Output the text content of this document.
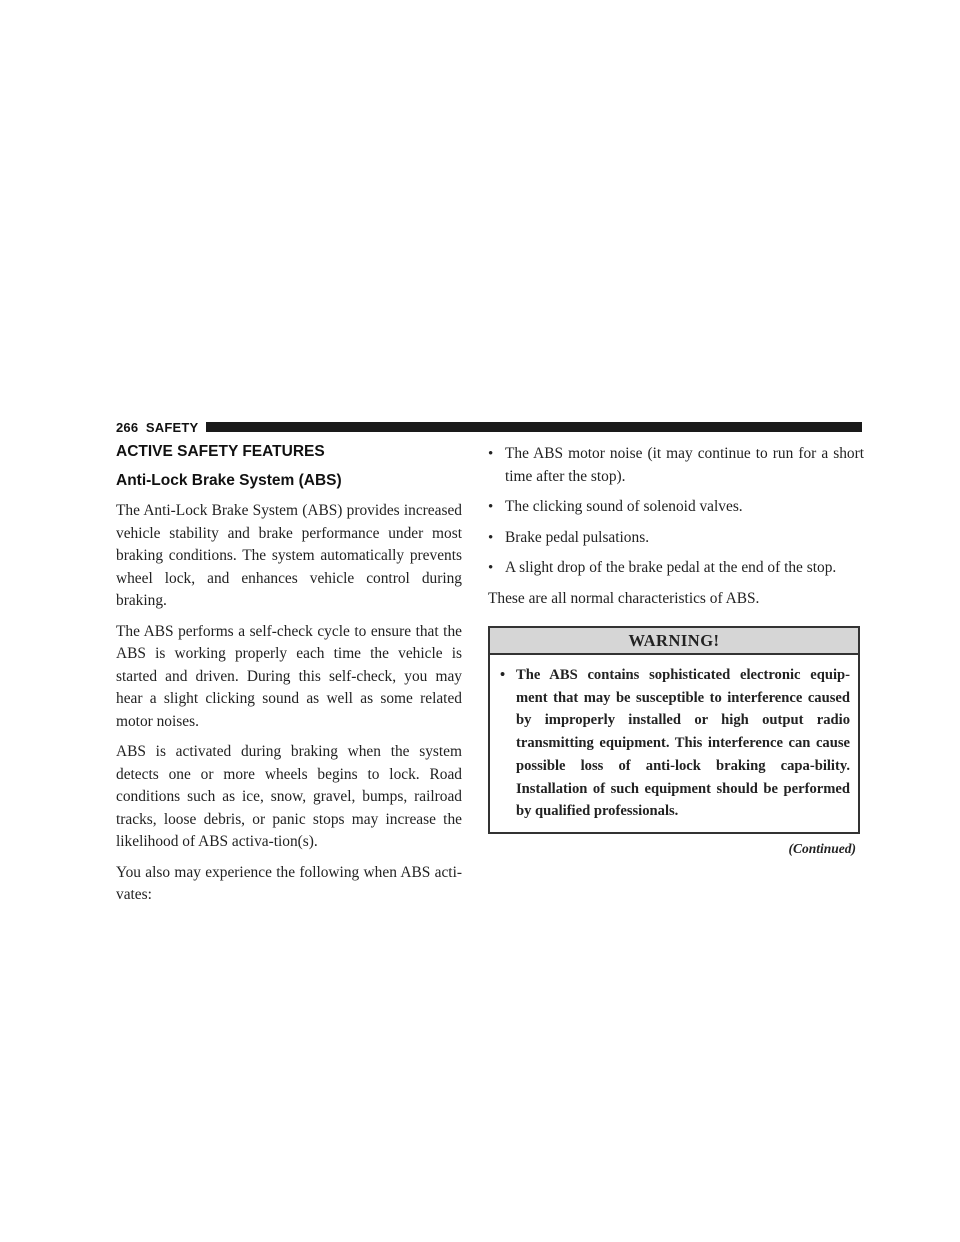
266 SAFETY
ACTIVE SAFETY FEATURES
Anti-Lock Brake System (ABS)

The Anti-Lock Brake System (ABS) provides increased vehicle stability and brake performance under most braking conditions. The system automatically prevents wheel lock, and enhances vehicle control during braking.

The ABS performs a self-check cycle to ensure that the ABS is working properly each time the vehicle is started and driven. During this self-check, you may hear a slight clicking sound as well as some related motor noises.

ABS is activated during braking when the system detects one or more wheels begins to lock. Road conditions such as ice, snow, gravel, bumps, railroad tracks, loose debris, or panic stops may increase the likelihood of ABS activa-tion(s).

You also may experience the following when ABS acti-vates:

• The ABS motor noise (it may continue to run for a short time after the stop).
• The clicking sound of solenoid valves.
• Brake pedal pulsations.
• A slight drop of the brake pedal at the end of the stop.

These are all normal characteristics of ABS.

WARNING!
• The ABS contains sophisticated electronic equip-ment that may be susceptible to interference caused by improperly installed or high output radio transmitting equipment. This interference can cause possible loss of anti-lock braking capa-bility. Installation of such equipment should be performed by qualified professionals.
(Continued)
